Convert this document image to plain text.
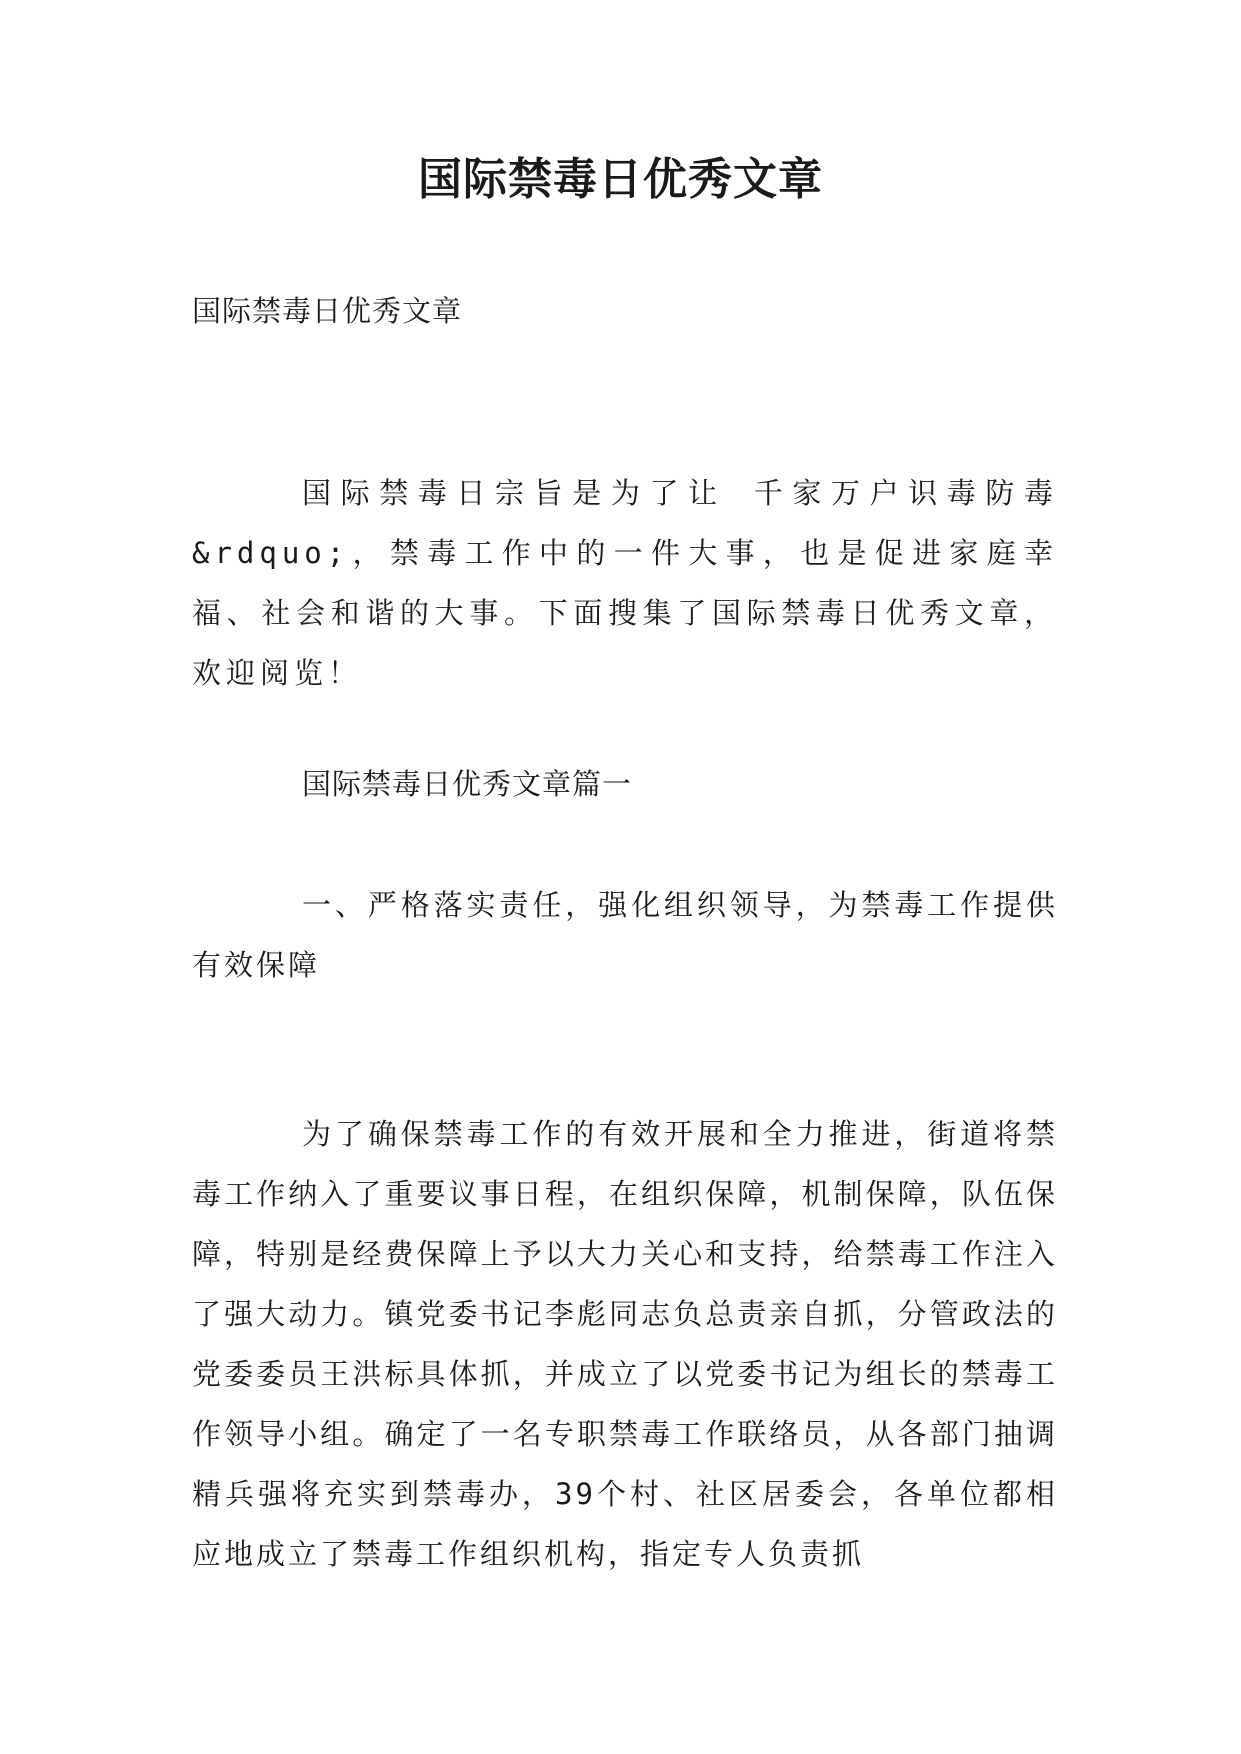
国际禁毒日优秀文章

国际禁毒日优秀文章

国际禁毒日宗旨是为了让 千家万户识毒防毒&rdquo;，禁毒工作中的一件大事，也是促进家庭幸福、社会和谐的大事。下面搜集了国际禁毒日优秀文章，欢迎阅览！

国际禁毒日优秀文章篇一

一、严格落实责任，强化组织领导，为禁毒工作提供有效保障

为了确保禁毒工作的有效开展和全力推进，街道将禁毒工作纳入了重要议事日程，在组织保障，机制保障，队伍保障，特别是经费保障上予以大力关心和支持，给禁毒工作注入了强大动力。镇党委书记李彪同志负总责亲自抓，分管政法的党委委员王洪标具体抓，并成立了以党委书记为组长的禁毒工作领导小组。确定了一名专职禁毒工作联络员，从各部门抽调精兵强将充实到禁毒办，39个村、社区居委会，各单位都相应地成立了禁毒工作组织机构，指定专人负责抓
